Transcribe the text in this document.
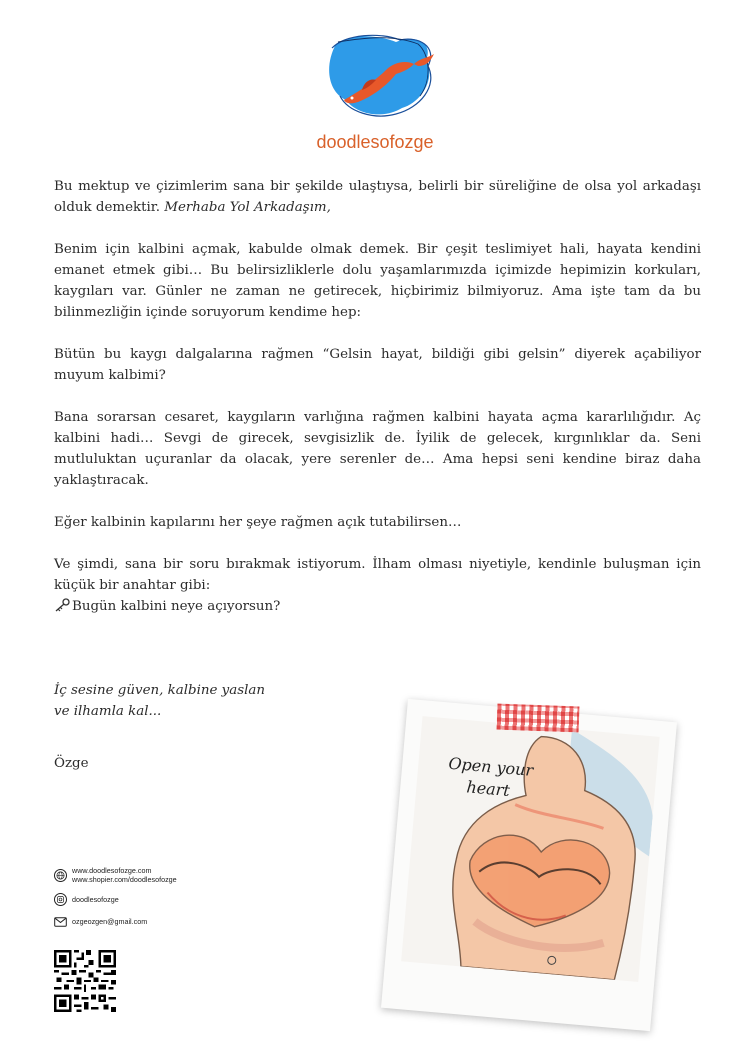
doodlesofozge

Bu mektup ve çizimlerim sana bir şekilde ulaştıysa, belirli bir süreliğine de olsa yol arkadaşı olduk demektir. Merhaba Yol Arkadaşım,

Benim için kalbini açmak, kabulde olmak demek. Bir çeşit teslimiyet hali, hayata kendini emanet etmek gibi… Bu belirsizliklerle dolu yaşamlarımızda içimizde hepimizin korkuları, kaygıları var. Günler ne zaman ne getirecek, hiçbirimiz bilmiyoruz. Ama işte tam da bu bilinmezliğin içinde soruyorum kendime hep:

Bütün bu kaygı dalgalarına rağmen “Gelsin hayat, bildiği gibi gelsin” diyerek açabiliyor muyum kalbimi?

Bana sorarsan cesaret, kaygıların varlığına rağmen kalbini hayata açma kararlılığıdır. Aç kalbini hadi… Sevgi de girecek, sevgisizlik de. İyilik de gelecek, kırgınlıklar da. Seni mutluluktan uçuranlar da olacak, yere serenler de… Ama hepsi seni kendine biraz daha yaklaştıracak.

Eğer kalbinin kapılarını her şeye rağmen açık tutabilirsen…

Ve şimdi, sana bir soru bırakmak istiyorum. İlham olması niyetiyle, kendinle buluşman için küçük bir anahtar gibi:

Bugün kalbini neye açıyorsun?
İç sesine güven, kalbine yaslan
ve ilhamla kal...
Özge
www.doodlesofozge.com
www.shopier.com/doodlesofozge
doodlesofozge
ozgeozgen@gmail.com
Open your
heart
